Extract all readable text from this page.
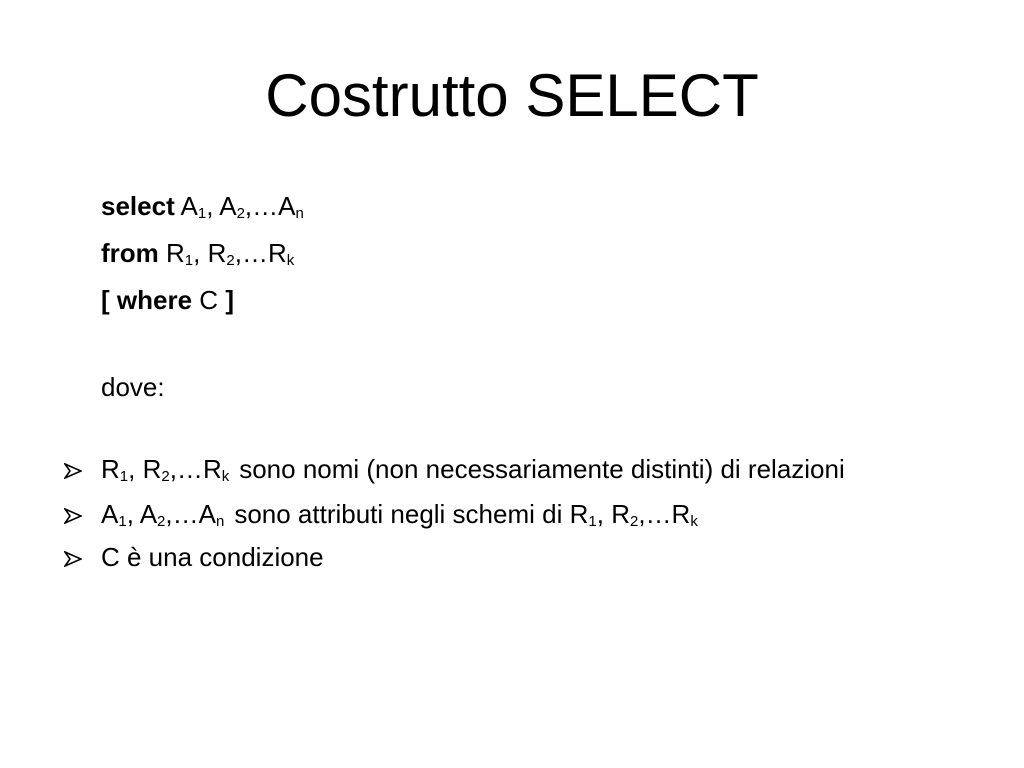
Costrutto SELECT
select $A_1$, $A_2,\dots A_n$
from $R_1$, $R_2,\dots R_k$
[ where C ]
dove:
$R_1$, $R_2,\dots R_k$ sono nomi (non necessariamente distinti) di relazioni
$A_1$, $A_2,\dots A_n$ sono attributi negli schemi di $R_1$, $R_2,\dots R_k$
C è una condizione
